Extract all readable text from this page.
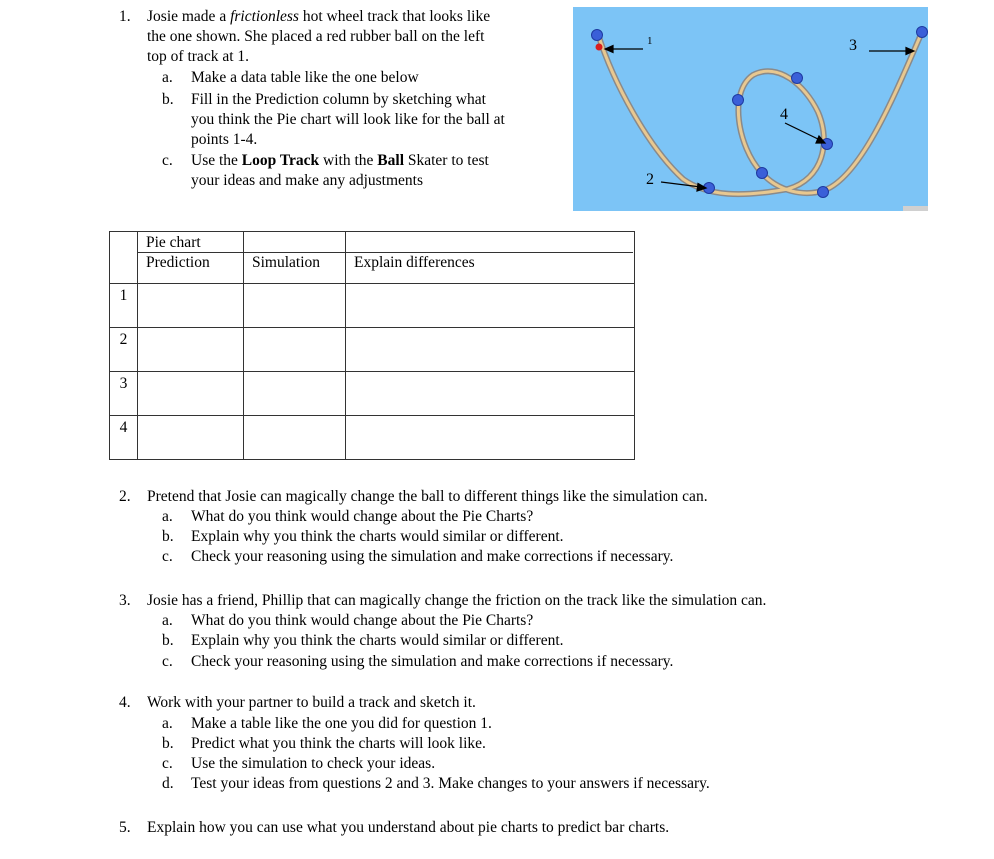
1. Josie made a frictionless hot wheel track that looks like
the one shown. She placed a red rubber ball on the left
top of track at 1.
a. Make a data table like the one below
b. Fill in the Prediction column by sketching what
you think the Pie chart will look like for the ball at
points 1-4.
c. Use the Loop Track with the Ball Skater to test
your ideas and make any adjustments
1
2
3
4

	Pie chart
Prediction	Simulation	Explain differences

1			
2			
3			
4			
2. Pretend that Josie can magically change the ball to different things like the simulation can.
a. What do you think would change about the Pie Charts?
b. Explain why you think the charts would similar or different.
c. Check your reasoning using the simulation and make corrections if necessary.
3. Josie has a friend, Phillip that can magically change the friction on the track like the simulation can.
a. What do you think would change about the Pie Charts?
b. Explain why you think the charts would similar or different.
c. Check your reasoning using the simulation and make corrections if necessary.
4. Work with your partner to build a track and sketch it.
a. Make a table like the one you did for question 1.
b. Predict what you think the charts will look like.
c. Use the simulation to check your ideas.
d. Test your ideas from questions 2 and 3. Make changes to your answers if necessary.
5. Explain how you can use what you understand about pie charts to predict bar charts.
